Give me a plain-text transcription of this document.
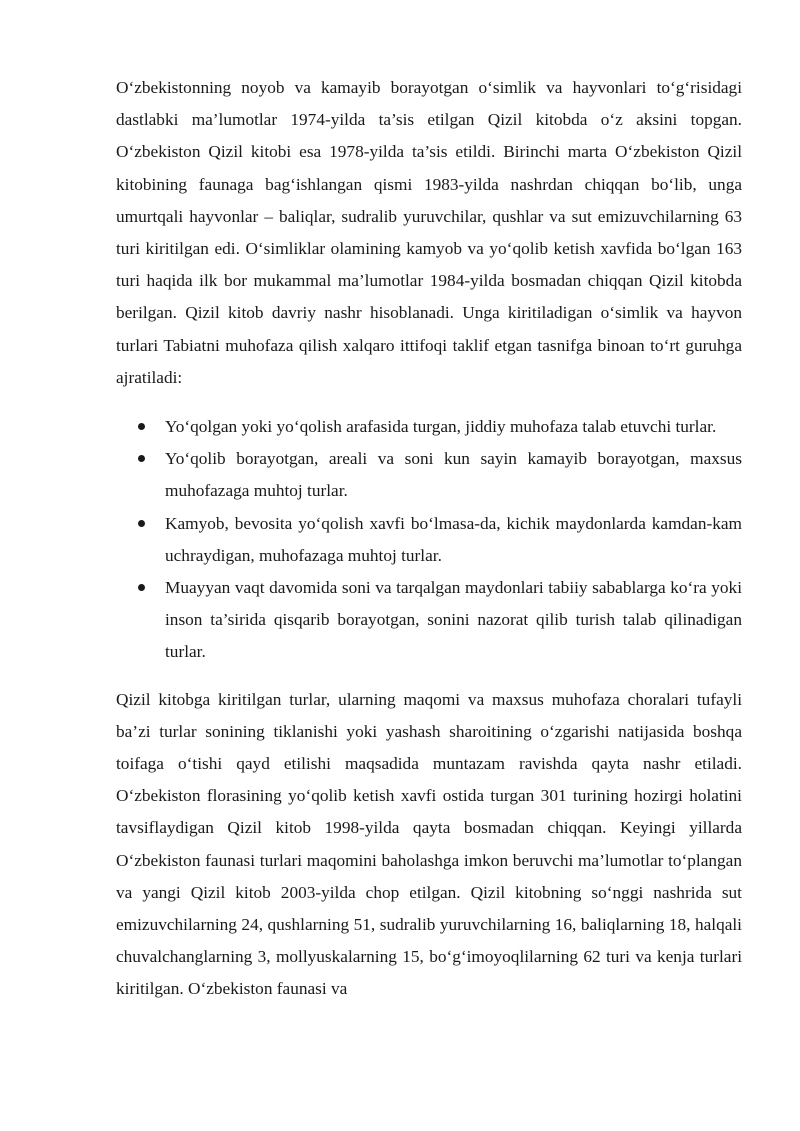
O‘zbekistonning noyob va kamayib borayotgan o‘simlik va hayvonlari to‘g‘risidagi dastlabki ma’lumotlar 1974-yilda ta’sis etilgan Qizil kitobda o‘z aksini topgan. O‘zbekiston Qizil kitobi esa 1978-yilda ta’sis etildi. Birinchi marta O‘zbekiston Qizil kitobining faunaga bag‘ishlangan qismi 1983-yilda nashrdan chiqqan bo‘lib, unga umurtqali hayvonlar – baliqlar, sudralib yuruvchilar, qushlar va sut emizuvchilarning 63 turi kiritilgan edi. O‘simliklar olamining kamyob va yo‘qolib ketish xavfida bo‘lgan 163 turi haqida ilk bor mukammal ma’lumotlar 1984-yilda bosmadan chiqqan Qizil kitobda berilgan. Qizil kitob davriy nashr hisoblanadi. Unga kiritiladigan o‘simlik va hayvon turlari Tabiatni muhofaza qilish xalqaro ittifoqi taklif etgan tasnifga binoan to‘rt guruhga ajratiladi:

Yo‘qolgan yoki yo‘qolish arafasida turgan, jiddiy muhofaza talab etuvchi turlar.
Yo‘qolib borayotgan, areali va soni kun sayin kamayib borayotgan, maxsus muhofazaga muhtoj turlar.
Kamyob, bevosita yo‘qolish xavfi bo‘lmasa-da, kichik maydonlarda kamdan-kam uchraydigan, muhofazaga muhtoj turlar.
Muayyan vaqt davomida soni va tarqalgan maydonlari tabiiy sabablarga ko‘ra yoki inson ta’sirida qisqarib borayotgan, sonini nazorat qilib turish talab qilinadigan turlar.

Qizil kitobga kiritilgan turlar, ularning maqomi va maxsus muhofaza choralari tufayli ba’zi turlar sonining tiklanishi yoki yashash sharoitining o‘zgarishi natijasida boshqa toifaga o‘tishi qayd etilishi maqsadida muntazam ravishda qayta nashr etiladi. O‘zbekiston florasining yo‘qolib ketish xavfi ostida turgan 301 turining hozirgi holatini tavsiflaydigan Qizil kitob 1998-yilda qayta bosmadan chiqqan. Keyingi yillarda O‘zbekiston faunasi turlari maqomini baholashga imkon beruvchi ma’lumotlar to‘plangan va yangi Qizil kitob 2003-yilda chop etilgan. Qizil kitobning so‘nggi nashrida sut emizuvchilarning 24, qushlarning 51, sudralib yuruvchilarning 16, baliqlarning 18, halqali chuvalchanglarning 3, mollyuskalarning 15, bo‘g‘imoyoqlilarning 62 turi va kenja turlari kiritilgan. O‘zbekiston faunasi va
